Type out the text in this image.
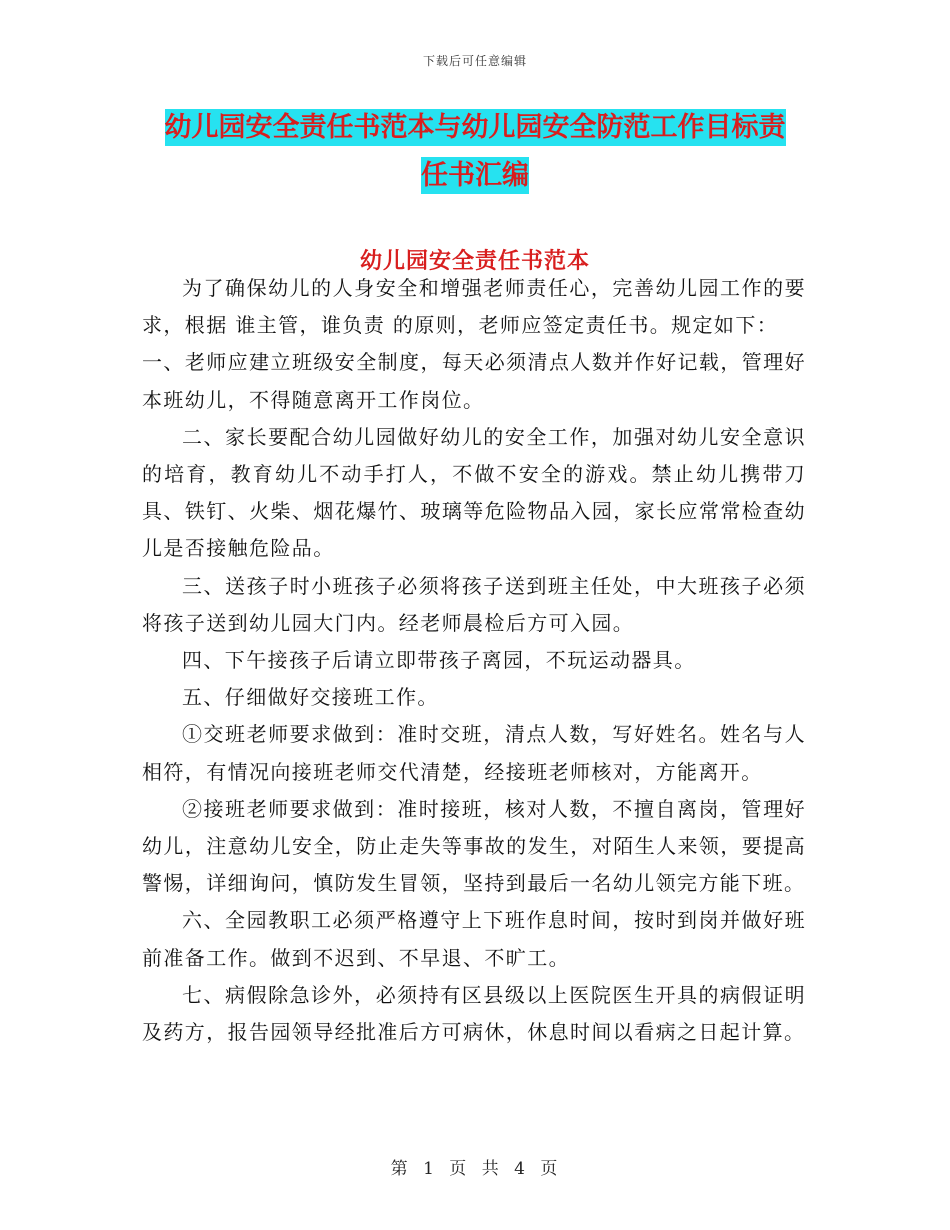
下载后可任意编辑
幼儿园安全责任书范本与幼儿园安全防范工作目标责
任书汇编
幼儿园安全责任书范本

为了确保幼儿的人身安全和增强老师责任心，完善幼儿园工作的要求，根据 谁主管，谁负责 的原则，老师应签定责任书。规定如下：

一、老师应建立班级安全制度，每天必须清点人数并作好记载，管理好本班幼儿，不得随意离开工作岗位。

二、家长要配合幼儿园做好幼儿的安全工作，加强对幼儿安全意识的培育，教育幼儿不动手打人，不做不安全的游戏。禁止幼儿携带刀具、铁钉、火柴、烟花爆竹、玻璃等危险物品入园，家长应常常检查幼儿是否接触危险品。

三、送孩子时小班孩子必须将孩子送到班主任处，中大班孩子必须将孩子送到幼儿园大门内。经老师晨检后方可入园。

四、下午接孩子后请立即带孩子离园，不玩运动器具。

五、仔细做好交接班工作。

①交班老师要求做到：准时交班，清点人数，写好姓名。姓名与人相符，有情况向接班老师交代清楚，经接班老师核对，方能离开。

②接班老师要求做到：准时接班，核对人数，不擅自离岗，管理好幼儿，注意幼儿安全，防止走失等事故的发生，对陌生人来领，要提高警惕，详细询问，慎防发生冒领，坚持到最后一名幼儿领完方能下班。

六、全园教职工必须严格遵守上下班作息时间，按时到岗并做好班前准备工作。做到不迟到、不早退、不旷工。

七、病假除急诊外，必须持有区县级以上医院医生开具的病假证明及药方，报告园领导经批准后方可病休，休息时间以看病之日起计算。

第 1 页 共 4 页
